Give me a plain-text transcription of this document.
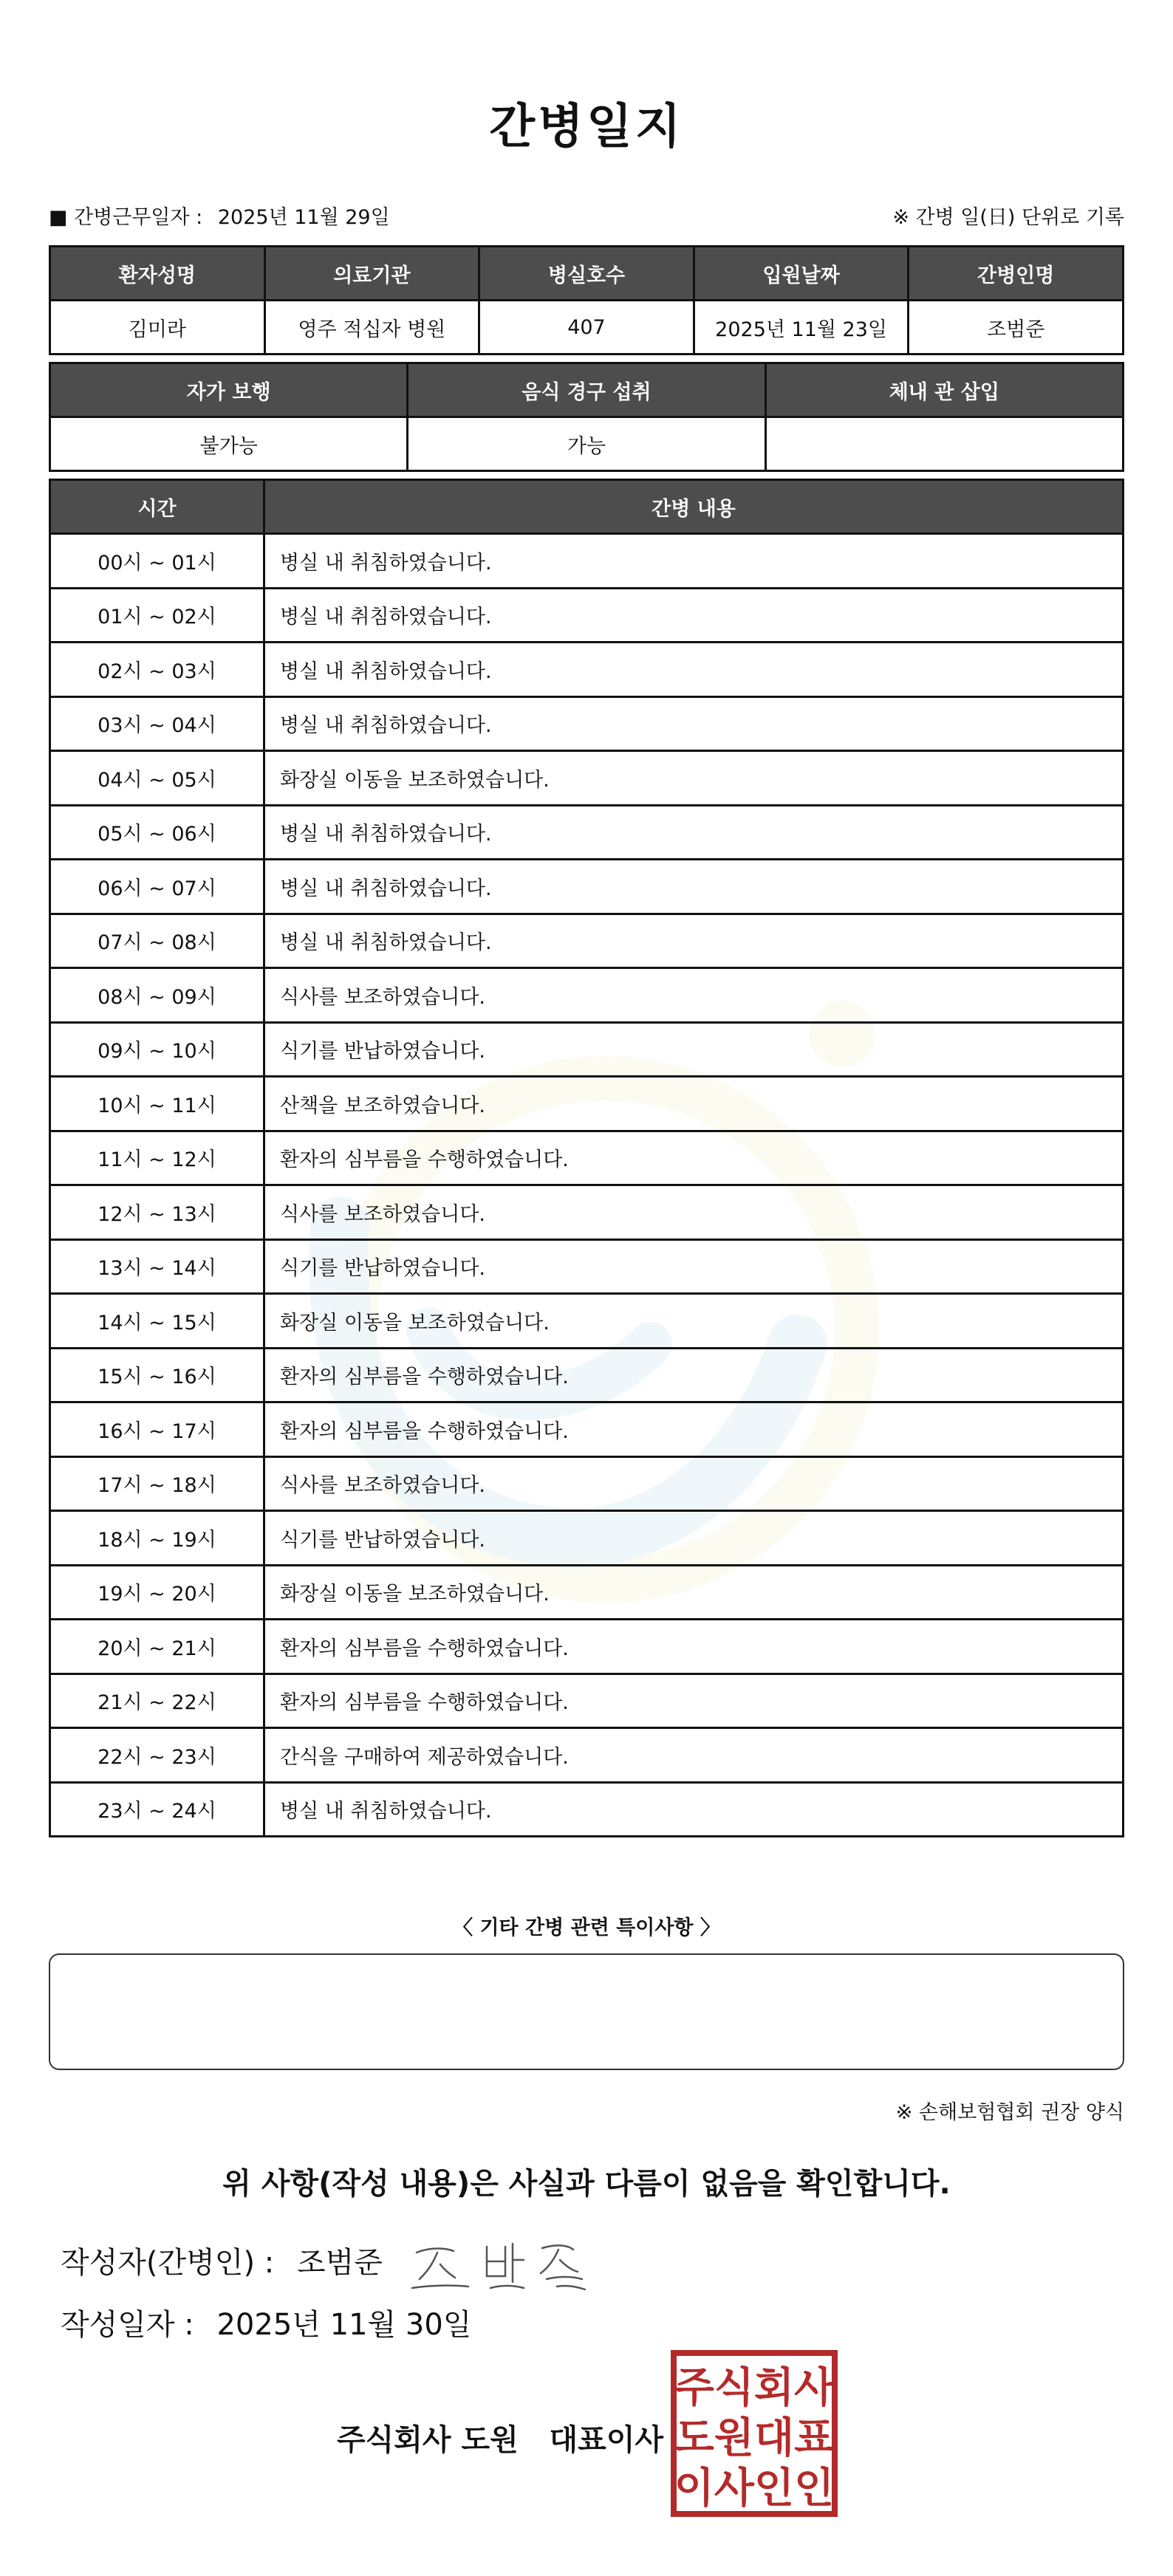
간병일지
■ 간병근무일자 : 2025년 11월 29일	※ 간병 일(日) 단위로 기록
환자성명	의료기관	병실호수	입원날짜	간병인명
김미라	영주 적십자 병원	407	2025년 11월 23일	조범준
자가 보행	음식 경구 섭취	체내 관 삽입
불가능	가능	
시간	간병 내용
00시 ~ 01시	병실 내 취침하였습니다.
01시 ~ 02시	병실 내 취침하였습니다.
02시 ~ 03시	병실 내 취침하였습니다.
03시 ~ 04시	병실 내 취침하였습니다.
04시 ~ 05시	화장실 이동을 보조하였습니다.
05시 ~ 06시	병실 내 취침하였습니다.
06시 ~ 07시	병실 내 취침하였습니다.
07시 ~ 08시	병실 내 취침하였습니다.
08시 ~ 09시	식사를 보조하였습니다.
09시 ~ 10시	식기를 반납하였습니다.
10시 ~ 11시	산책을 보조하였습니다.
11시 ~ 12시	환자의 심부름을 수행하였습니다.
12시 ~ 13시	식사를 보조하였습니다.
13시 ~ 14시	식기를 반납하였습니다.
14시 ~ 15시	화장실 이동을 보조하였습니다.
15시 ~ 16시	환자의 심부름을 수행하였습니다.
16시 ~ 17시	환자의 심부름을 수행하였습니다.
17시 ~ 18시	식사를 보조하였습니다.
18시 ~ 19시	식기를 반납하였습니다.
19시 ~ 20시	화장실 이동을 보조하였습니다.
20시 ~ 21시	환자의 심부름을 수행하였습니다.
21시 ~ 22시	환자의 심부름을 수행하였습니다.
22시 ~ 23시	간식을 구매하여 제공하였습니다.
23시 ~ 24시	병실 내 취침하였습니다.
〈 기타 간병 관련 특이사항 〉
※ 손해보험협회 권장 양식
위 사항(작성 내용)은 사실과 다름이 없음을 확인합니다.
작성자(간병인) : 조범준
작성일자 : 2025년 11월 30일
주식회사 도원   대표이사
주식회사
도원대표
이사인인
